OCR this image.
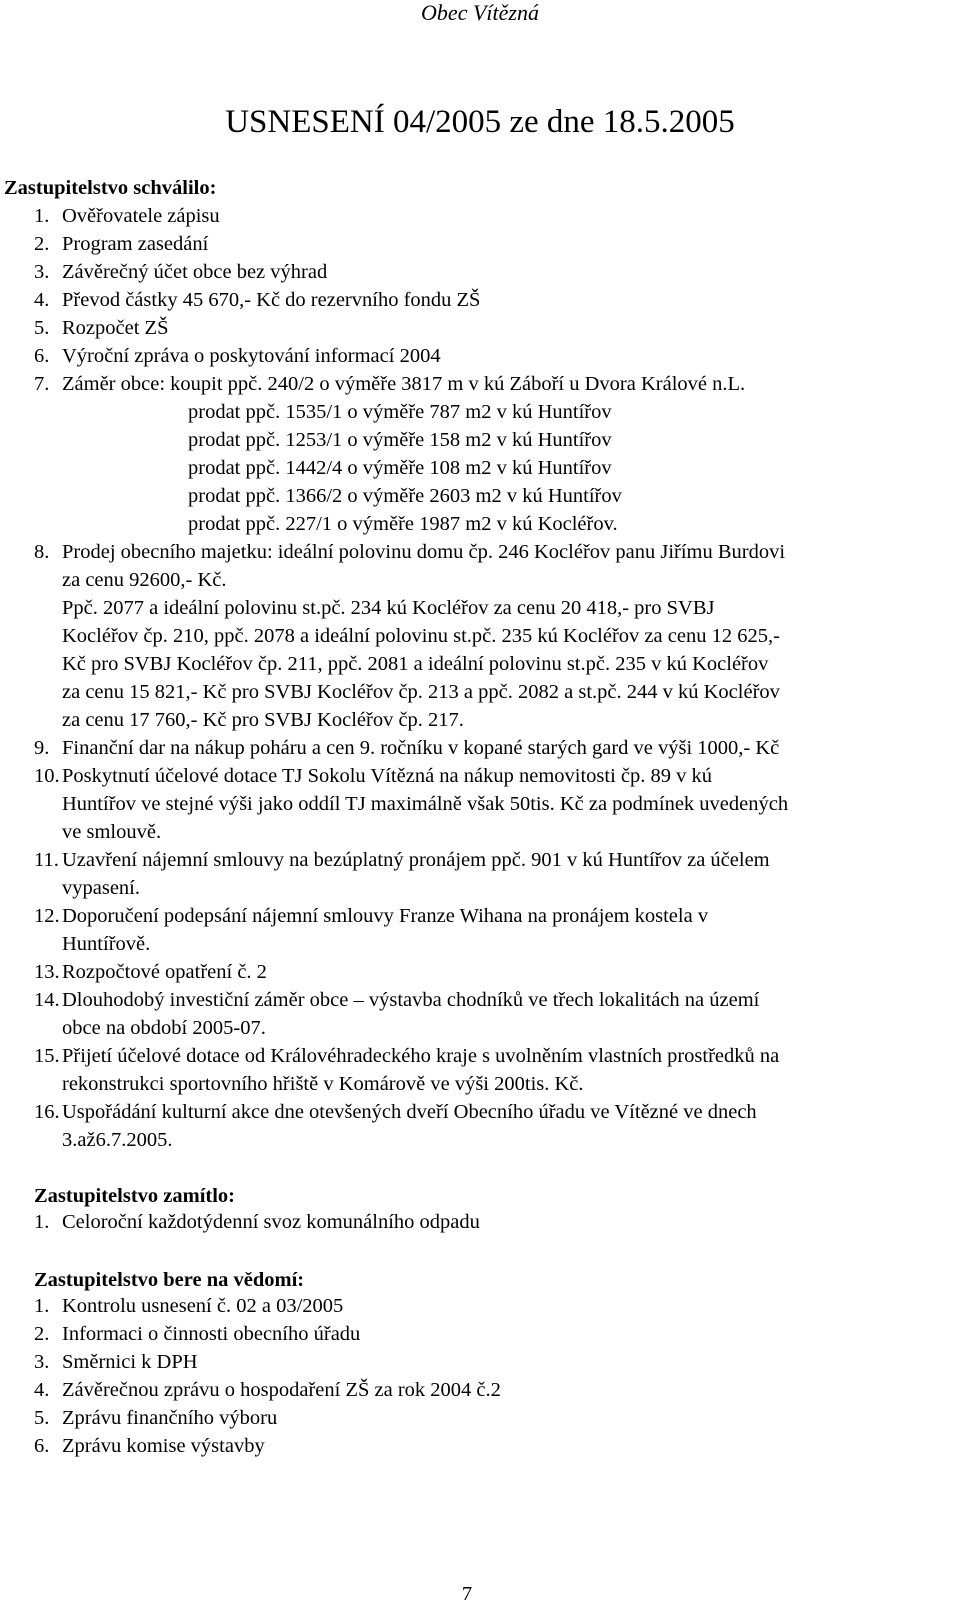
Obec Vítězná
USNESENÍ 04/2005 ze dne 18.5.2005
Zastupitelstvo schválilo:
1. Ověřovatele zápisu
2. Program zasedání
3. Závěrečný účet obce bez výhrad
4. Převod částky 45 670,- Kč do rezervního fondu ZŠ
5. Rozpočet ZŠ
6. Výroční zpráva o poskytování informací 2004
7. Záměr obce: koupit ppč. 240/2 o výměře 3817 m v kú Záboří u Dvora Králové n.L.
prodat ppč. 1535/1 o výměře 787 m2 v kú Huntířov
prodat ppč. 1253/1 o výměře 158 m2 v kú Huntířov
prodat ppč. 1442/4 o výměře 108 m2 v kú Huntířov
prodat ppč. 1366/2 o výměře 2603 m2 v kú Huntířov
prodat ppč. 227/1 o výměře 1987 m2 v kú Kocléřov.
8. Prodej obecního majetku: ideální polovinu domu čp. 246 Kocléřov panu Jiřímu Burdovi
za cenu 92600,- Kč.
Ppč. 2077 a ideální polovinu st.pč. 234 kú Kocléřov za cenu 20 418,- pro SVBJ
Kocléřov čp. 210, ppč. 2078 a ideální polovinu st.pč. 235 kú Kocléřov za cenu 12 625,-
Kč pro SVBJ Kocléřov čp. 211, ppč. 2081 a ideální polovinu st.pč. 235 v kú Kocléřov
za cenu 15 821,- Kč pro SVBJ Kocléřov čp. 213 a ppč. 2082 a st.pč. 244 v kú Kocléřov
za cenu 17 760,- Kč pro SVBJ Kocléřov čp. 217.
9. Finanční dar na nákup poháru a cen 9. ročníku v kopané starých gard ve výši 1000,- Kč
10. Poskytnutí účelové dotace TJ Sokolu Vítězná na nákup nemovitosti čp. 89 v kú
Huntířov ve stejné výši jako oddíl TJ maximálně však 50tis. Kč za podmínek uvedených
ve smlouvě.
11. Uzavření nájemní smlouvy na bezúplatný pronájem ppč. 901 v kú Huntířov za účelem
vypasení.
12. Doporučení podepsání nájemní smlouvy Franze Wihana na pronájem kostela v
Huntířově.
13. Rozpočtové opatření č. 2
14. Dlouhodobý investiční záměr obce – výstavba chodníků ve třech lokalitách na území
obce na období 2005-07.
15. Přijetí účelové dotace od Královéhradeckého kraje s uvolněním vlastních prostředků na
rekonstrukci sportovního hřiště v Komárově ve výši 200tis. Kč.
16. Uspořádání kulturní akce dne otevšených dveří Obecního úřadu ve Vítězné ve dnech
3.až6.7.2005.
Zastupitelstvo zamítlo:
1. Celoroční každotýdenní svoz komunálního odpadu
Zastupitelstvo bere na vědomí:
1. Kontrolu usnesení č. 02 a 03/2005
2. Informaci o činnosti obecního úřadu
3. Směrnici k DPH
4. Závěrečnou zprávu o hospodaření ZŠ za rok 2004 č.2
5. Zprávu finančního výboru
6. Zprávu komise výstavby
7
